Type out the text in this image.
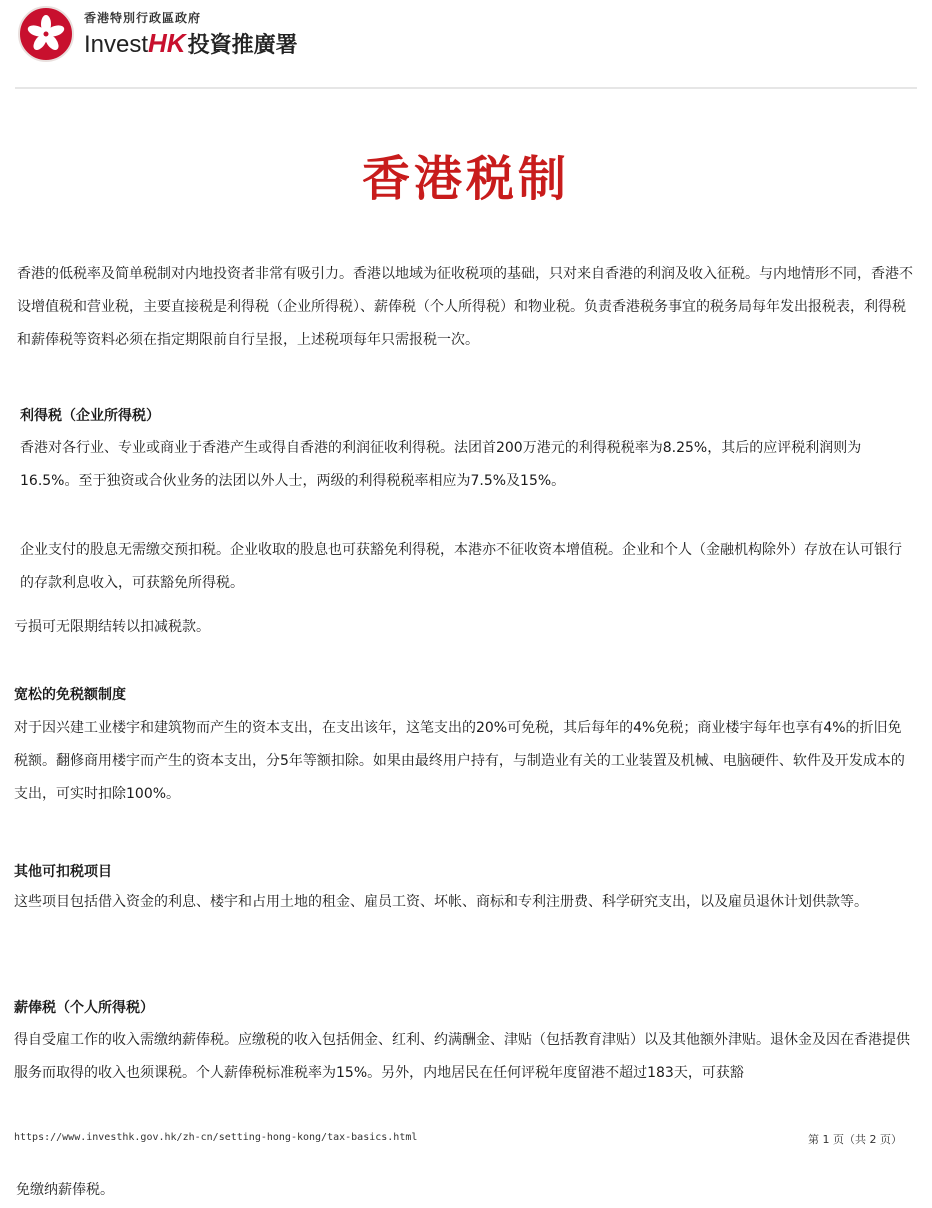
香港特別行政區政府
Invest HK 投資推廣署
香港税制

香港的低税率及简单税制对内地投资者非常有吸引力。香港以地域为征收税项的基础，只对来自香港的利润及收入征税。与内地情形不同，香港不设增值税和营业税，主要直接税是利得税（企业所得税）、薪俸税（个人所得税）和物业税。负责香港税务事宜的税务局每年发出报税表，利得税和薪俸税等资料必须在指定期限前自行呈报，上述税项每年只需报税一次。

利得税（企业所得税）

香港对各行业、专业或商业于香港产生或得自香港的利润征收利得税。法团首200万港元的利得税税率为8.25%，其后的应评税利润则为16.5%。至于独资或合伙业务的法团以外人士，两级的利得税税率相应为7.5%及15%。

企业支付的股息无需缴交预扣税。企业收取的股息也可获豁免利得税，本港亦不征收资本增值税。企业和个人（金融机构除外）存放在认可银行的存款利息收入，可获豁免所得税。

亏损可无限期结转以扣减税款。

宽松的免税额制度

对于因兴建工业楼宇和建筑物而产生的资本支出，在支出该年，这笔支出的20%可免税，其后每年的4%免税；商业楼宇每年也享有4%的折旧免税额。翻修商用楼宇而产生的资本支出，分5年等额扣除。如果由最终用户持有，与制造业有关的工业装置及机械、电脑硬件、软件及开发成本的支出，可实时扣除100%。

其他可扣税项目

这些项目包括借入资金的利息、楼宇和占用土地的租金、雇员工资、坏帐、商标和专利注册费、科学研究支出，以及雇员退休计划供款等。

薪俸税（个人所得税）

得自受雇工作的收入需缴纳薪俸税。应缴税的收入包括佣金、红利、约满酬金、津贴（包括教育津贴）以及其他额外津贴。退休金及因在香港提供服务而取得的收入也须课税。个人薪俸税标准税率为15%。另外，内地居民在任何评税年度留港不超过183天，可获豁

https://www.investhk.gov.hk/zh-cn/setting-hong-kong/tax-basics.html	第 1 页（共 2 页）
免缴纳薪俸税。
